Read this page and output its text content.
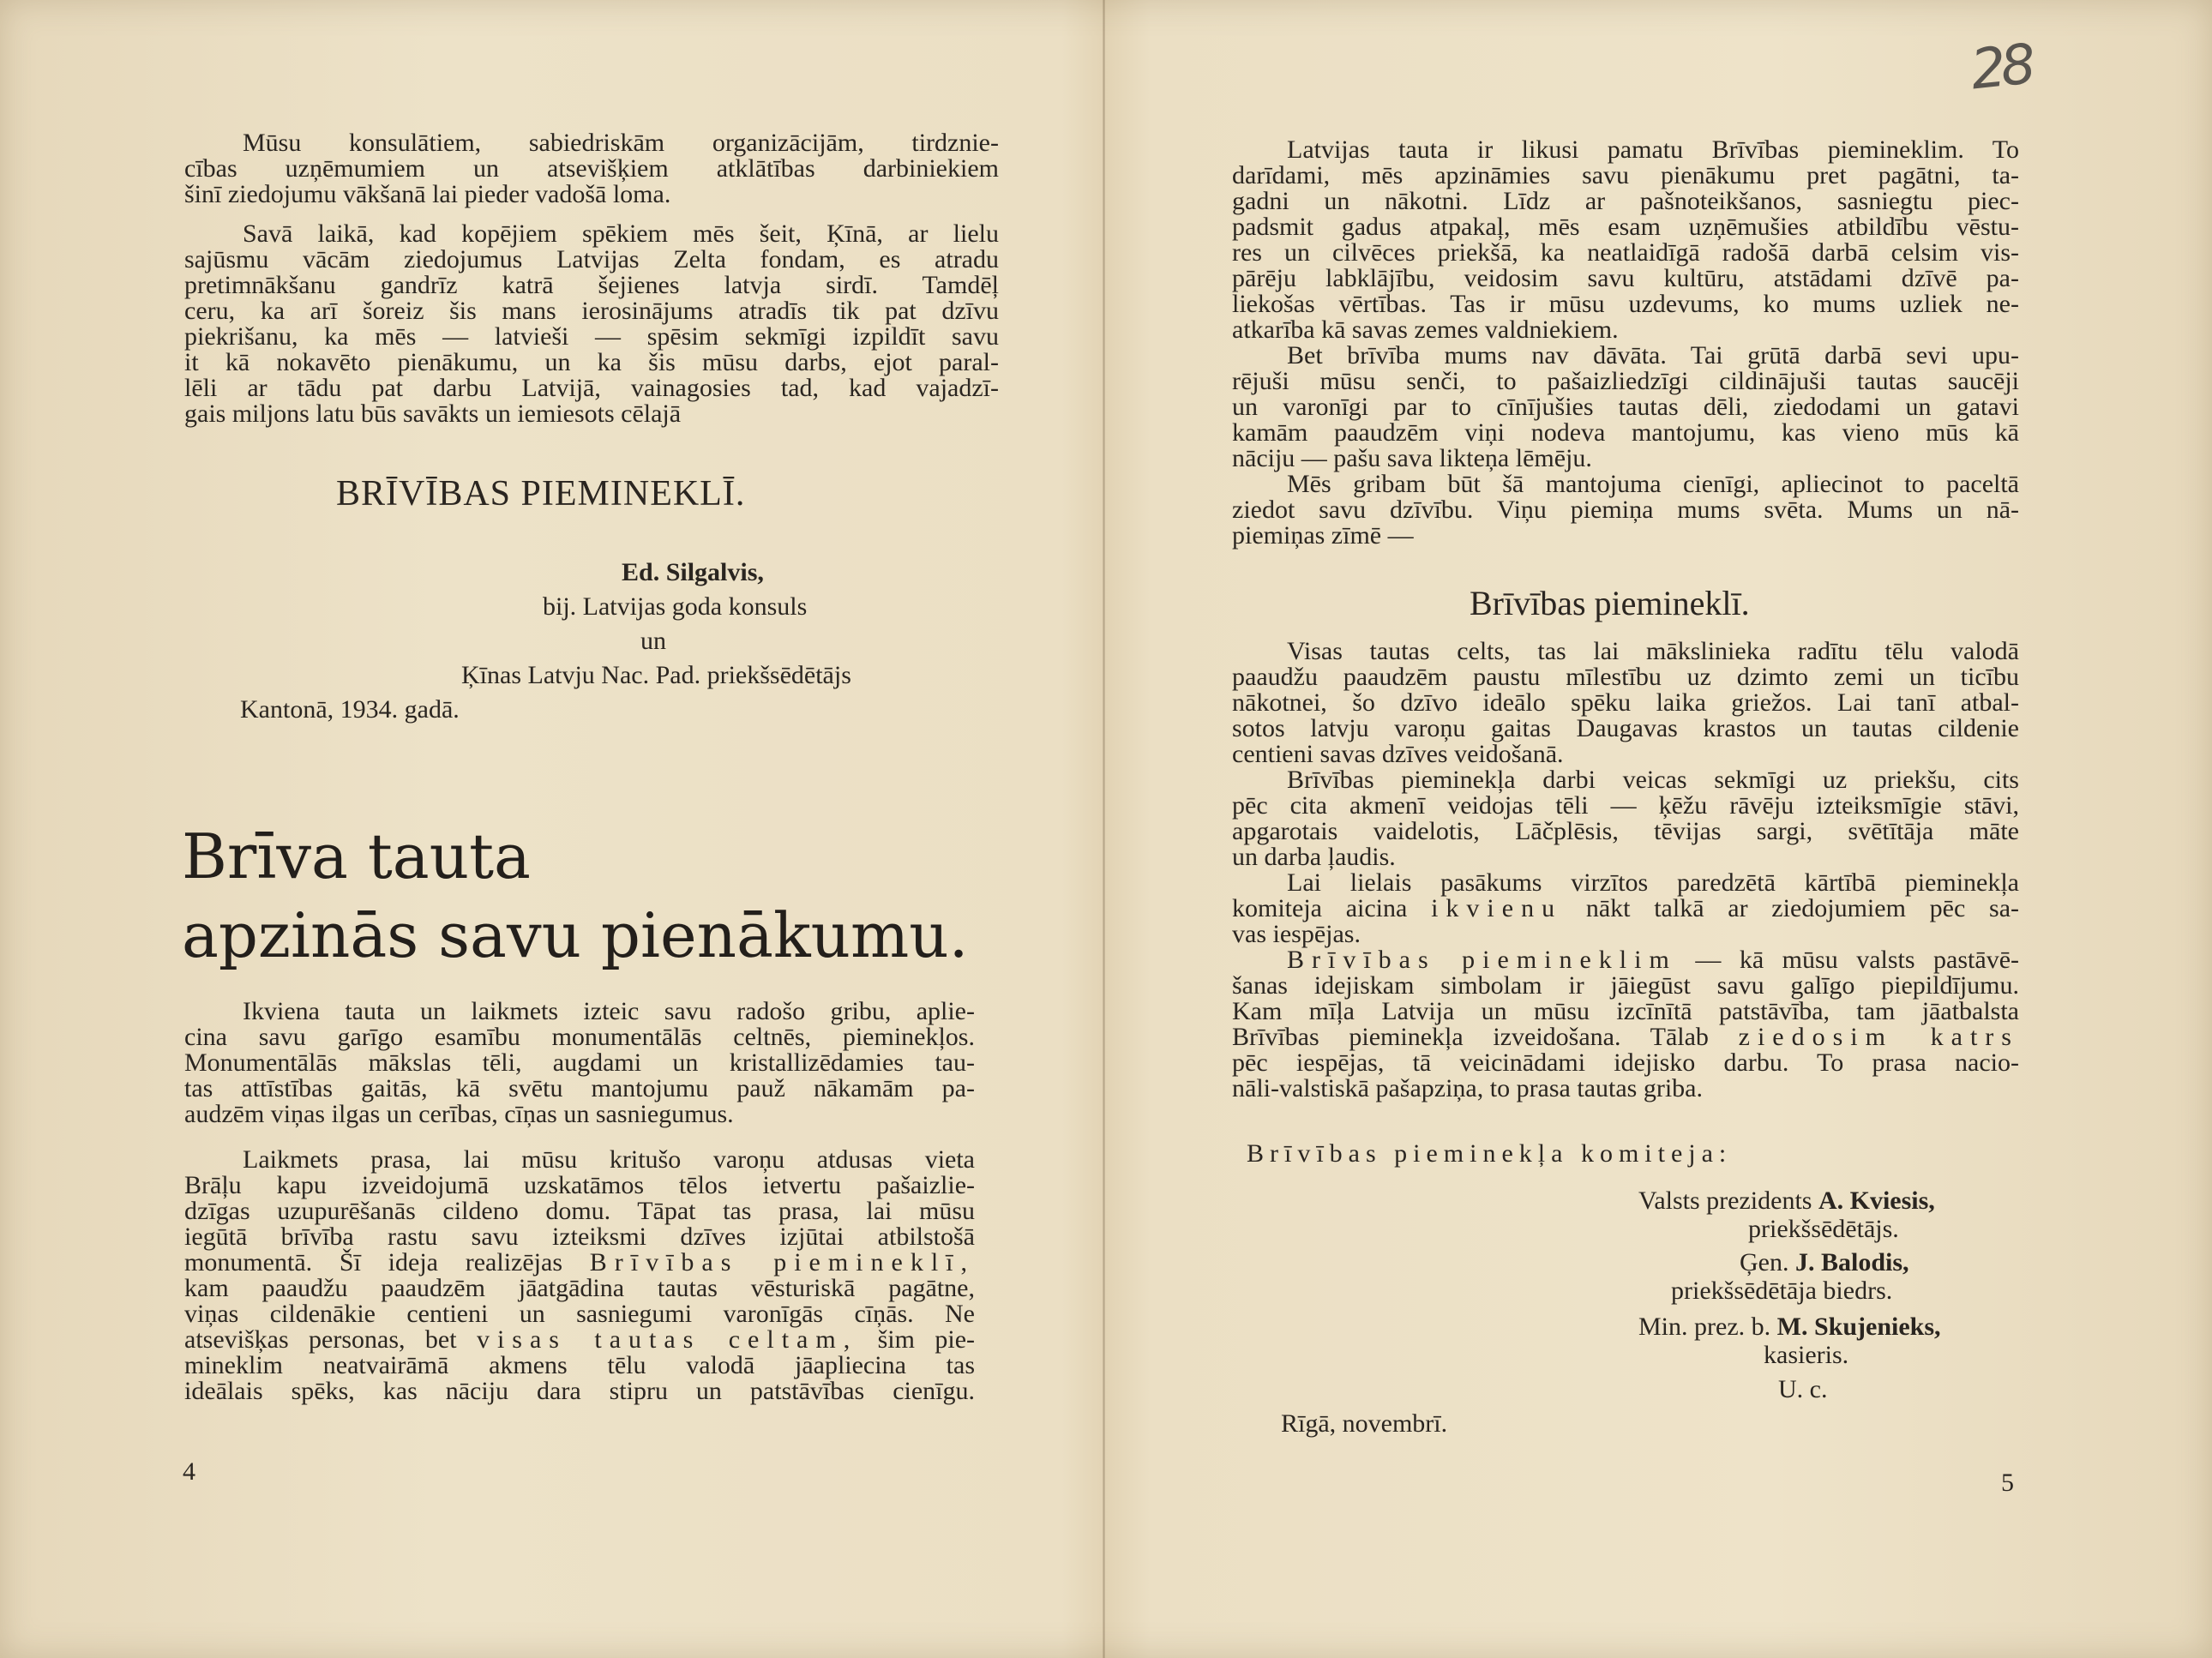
Mūsu konsulātiem, sabiedriskām organizācijām, tirdznie-
cības uzņēmumiem un atsevišķiem atklātības darbiniekiem
šinī ziedojumu vākšanā lai pieder vadošā loma.
Savā laikā, kad kopējiem spēkiem mēs šeit, Ķīnā, ar lielu
sajūsmu vācām ziedojumus Latvijas Zelta fondam, es atradu
pretimnākšanu gandrīz katrā šejienes latvja sirdī. Tamdēļ
ceru, ka arī šoreiz šis mans ierosinājums atradīs tik pat dzīvu
piekrišanu, ka mēs — latvieši — spēsim sekmīgi izpildīt savu
it kā nokavēto pienākumu, un ka šis mūsu darbs, ejot paral-
lēli ar tādu pat darbu Latvijā, vainagosies tad, kad vajadzī-
gais miljons latu būs savākts un iemiesots cēlajā
BRĪVĪBAS PIEMINEKLĪ.
Ed. Silgalvis,
bij. Latvijas goda konsuls
un
Ķīnas Latvju Nac. Pad. priekšsēdētājs
Kantonā, 1934. gadā.
Brīva tauta
apzinās savu pienākumu.
Ikviena tauta un laikmets izteic savu radošo gribu, aplie-
cina savu garīgo esamību monumentālās celtnēs, pieminekļos.
Monumentālās mākslas tēli, augdami un kristallizēdamies tau-
tas attīstības gaitās, kā svētu mantojumu pauž nākamām pa-
audzēm viņas ilgas un cerības, cīņas un sasniegumus.
Laikmets prasa, lai mūsu kritušo varoņu atdusas vieta
Brāļu kapu izveidojumā uzskatāmos tēlos ietvertu pašaizlie-
dzīgas uzupurēšanās cildeno domu. Tāpat tas prasa, lai mūsu
iegūtā brīvība rastu savu izteiksmi dzīves izjūtai atbilstošā
monumentā. Šī ideja realizējas Brīvības piemineklī,
kam paaudžu paaudzēm jāatgādina tautas vēsturiskā pagātne,
viņas cildenākie centieni un sasniegumi varonīgās cīņās. Ne
atsevišķas personas, bet visas tautas celtam, šim pie-
mineklim neatvairāmā akmens tēlu valodā jāapliecina tas
ideālais spēks, kas nāciju dara stipru un patstāvības cienīgu.
4
28
Latvijas tauta ir likusi pamatu Brīvības piemineklim. To
darīdami, mēs apzināmies savu pienākumu pret pagātni, ta-
gadni un nākotni. Līdz ar pašnoteikšanos, sasniegtu piec-
padsmit gadus atpakaļ, mēs esam uzņēmušies atbildību vēstu-
res un cilvēces priekšā, ka neatlaidīgā radošā darbā celsim vis-
pārēju labklājību, veidosim savu kultūru, atstādami dzīvē pa-
liekošas vērtības. Tas ir mūsu uzdevums, ko mums uzliek ne-
atkarība kā savas zemes valdniekiem.
Bet brīvība mums nav dāvāta. Tai grūtā darbā sevi upu-
rējuši mūsu senči, to pašaizliedzīgi cildinājuši tautas saucēji
un varonīgi par to cīnījušies tautas dēli, ziedodami un gatavi
kamām paaudzēm viņi nodeva mantojumu, kas vieno mūs kā
nāciju — pašu sava likteņa lēmēju.
Mēs gribam būt šā mantojuma cienīgi, apliecinot to paceltā
ziedot savu dzīvību. Viņu piemiņa mums svēta. Mums un nā-
piemiņas zīmē —
Brīvības piemineklī.
Visas tautas celts, tas lai mākslinieka radītu tēlu valodā
paaudžu paaudzēm paustu mīlestību uz dzimto zemi un ticību
nākotnei, šo dzīvo ideālo spēku laika griežos. Lai tanī atbal-
sotos latvju varoņu gaitas Daugavas krastos un tautas cildenie
centieni savas dzīves veidošanā.
Brīvības pieminekļa darbi veicas sekmīgi uz priekšu, cits
pēc cita akmenī veidojas tēli — ķēžu rāvēju izteiksmīgie stāvi,
apgarotais vaidelotis, Lāčplēsis, tēvijas sargi, svētītāja māte
un darba ļaudis.
Lai lielais pasākums virzītos paredzētā kārtībā pieminekļa
komiteja aicina ikvienu nākt talkā ar ziedojumiem pēc sa-
vas iespējas.
Brīvības piemineklim — kā mūsu valsts pastāvē-
šanas idejiskam simbolam ir jāiegūst savu galīgo piepildījumu.
Kam mīļa Latvija un mūsu izcīnītā patstāvība, tam jāatbalsta
Brīvības pieminekļa izveidošana. Tālab ziedosim katrs
pēc iespējas, tā veicinādami idejisko darbu. To prasa nacio-
nāli-valstiskā pašapziņa, to prasa tautas griba.
Brīvības pieminekļa komiteja:
Valsts prezidents A. Kviesis,
priekšsēdētājs.
Ģen. J. Balodis,
priekšsēdētāja biedrs.
Min. prez. b. M. Skujenieks,
kasieris.
U. c.
Rīgā, novembrī.
5
